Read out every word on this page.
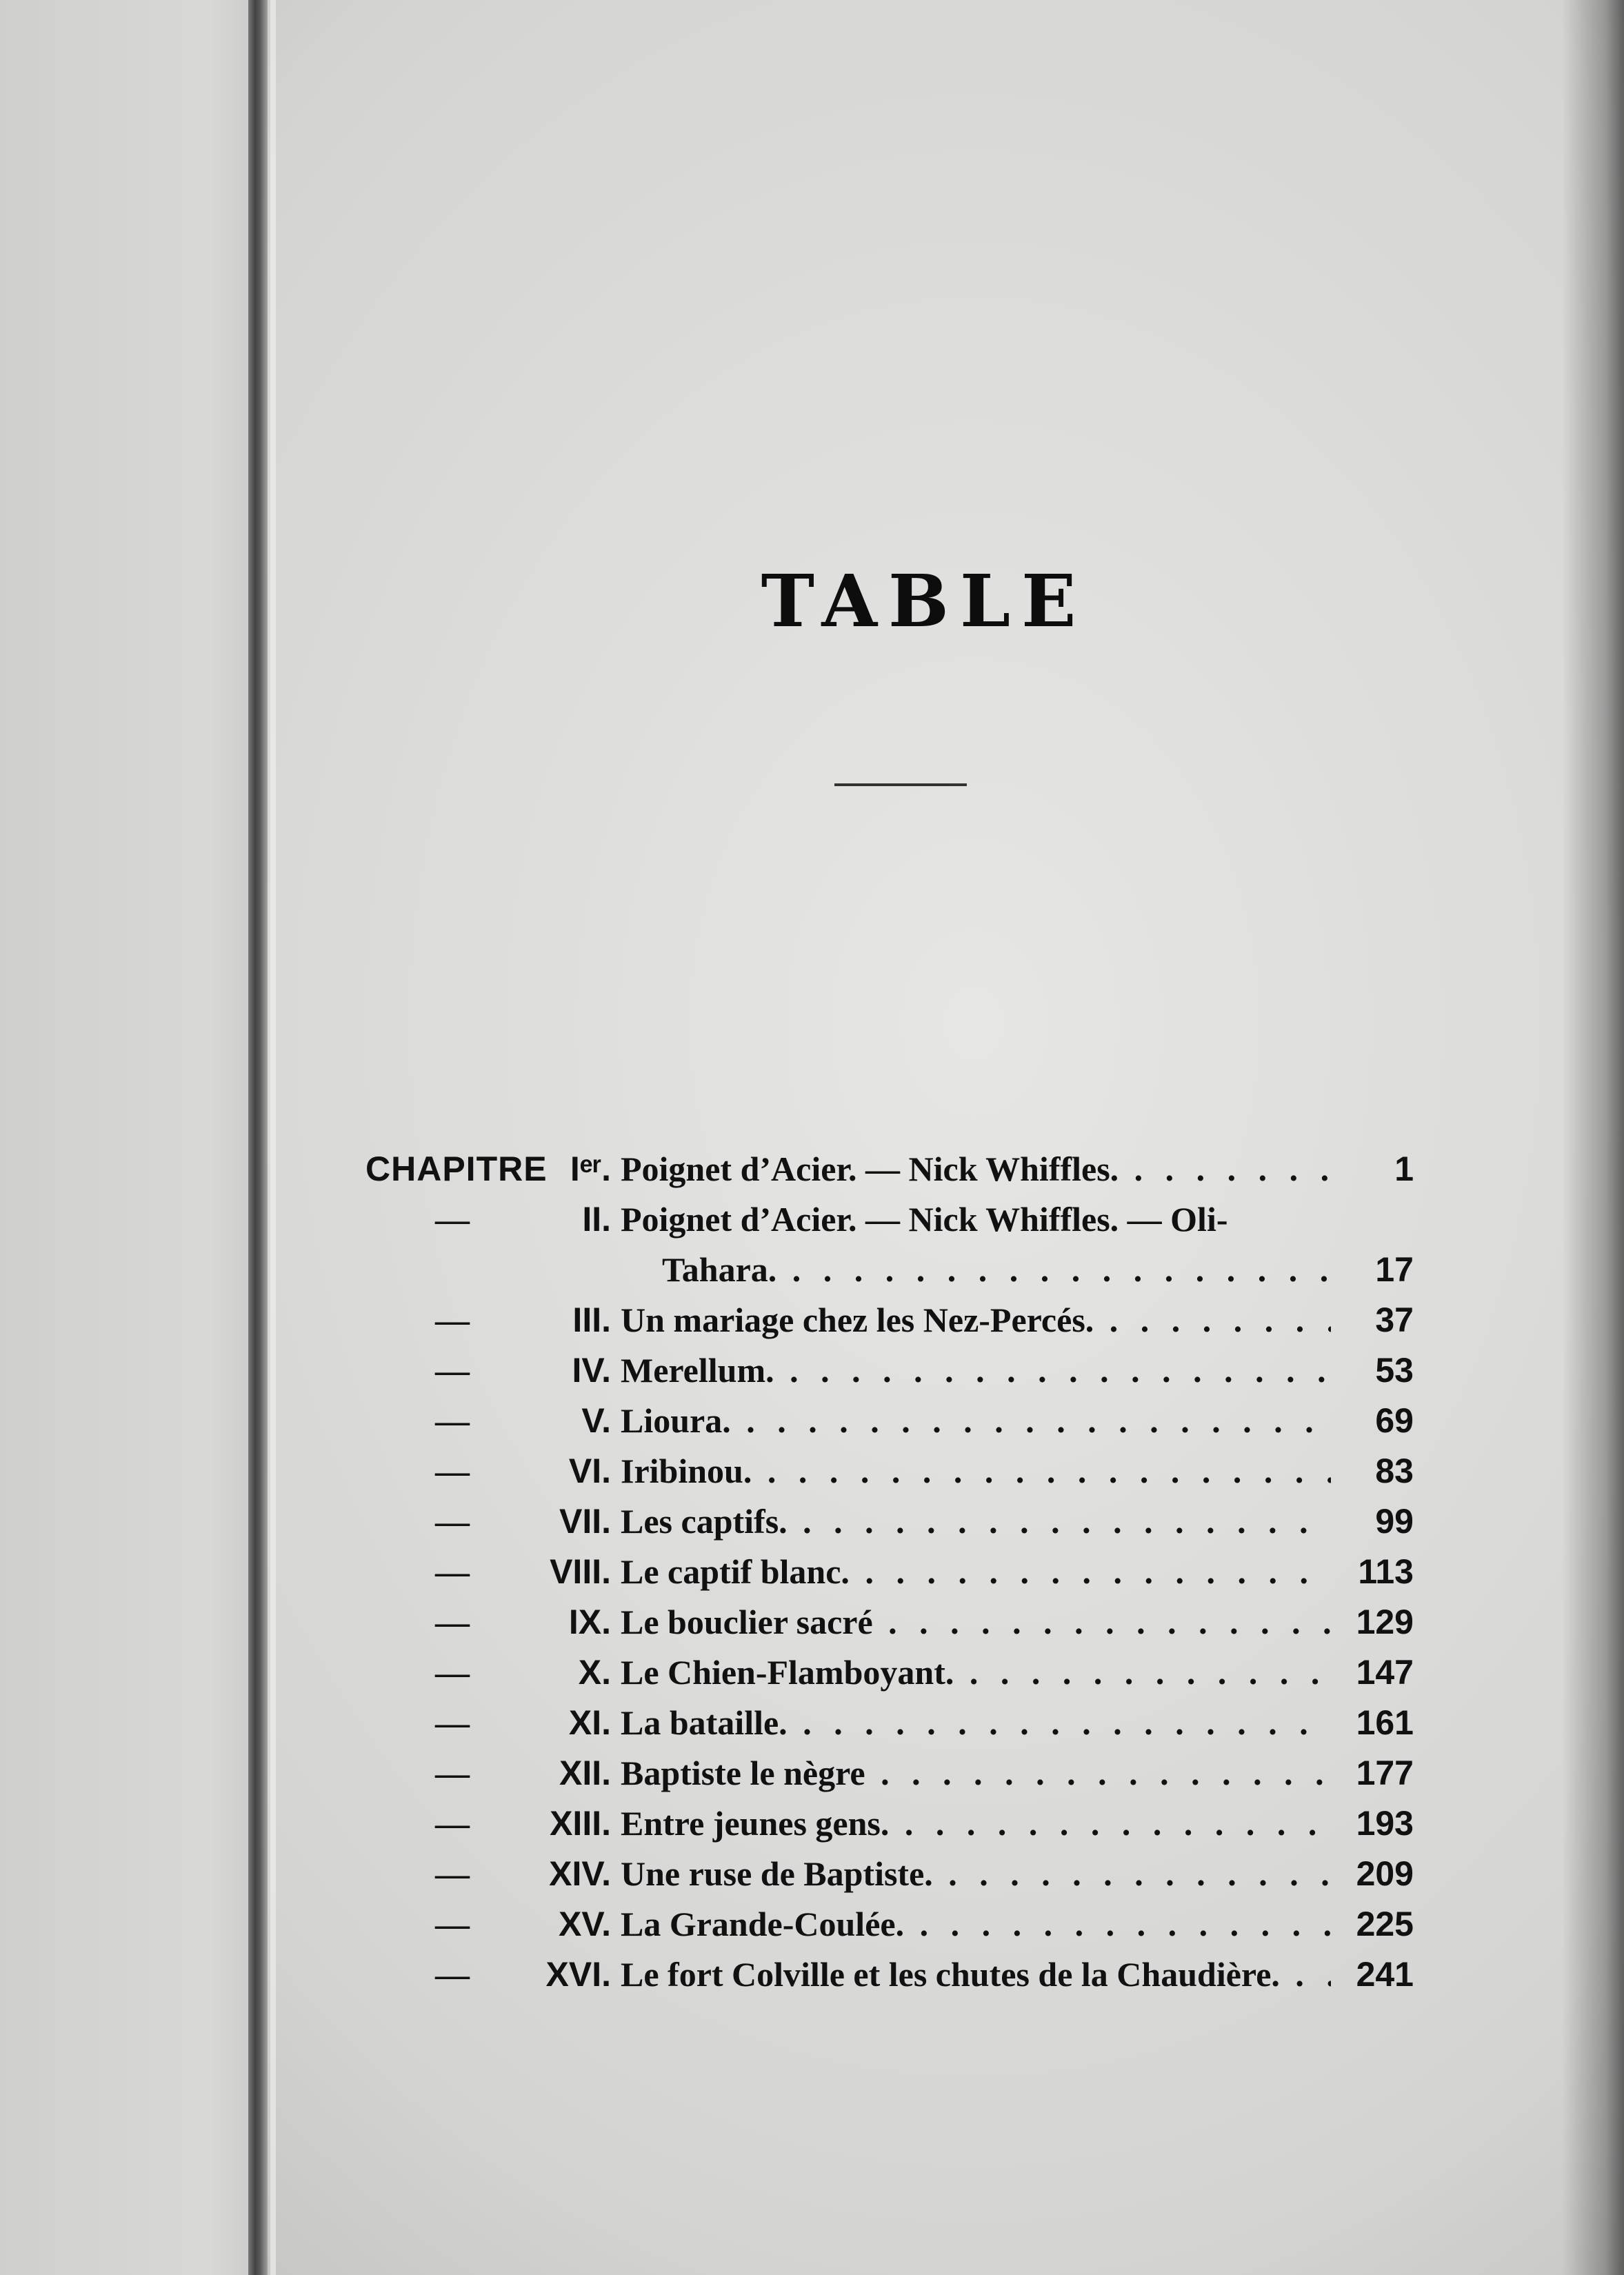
TABLE
CHAPITRE Iᵉʳ. Poignet d’Acier. — Nick Whiffles. . . .	1
—	II. Poignet d’Acier. — Nick Whiffles. — Oli-
Tahara. . . .	17
—	III. Un mariage chez les Nez-Percés. . . .	37
—	IV. Merellum. . . .	53
—	V. Lioura. . . .	69
—	VI. Iribinou. . . .	83
—	VII. Les captifs. . . .	99
—	VIII. Le captif blanc. . . .	113
—	IX. Le bouclier sacré . . .	129
—	X. Le Chien-Flamboyant. . . .	147
—	XI. La bataille. . . .	161
—	XII. Baptiste le nègre . . .	177
—	XIII. Entre jeunes gens. . . .	193
—	XIV. Une ruse de Baptiste. . . .	209
—	XV. La Grande-Coulée. . . .	225
—	XVI. Le fort Colville et les chutes de la Chaudière. . . .	241
